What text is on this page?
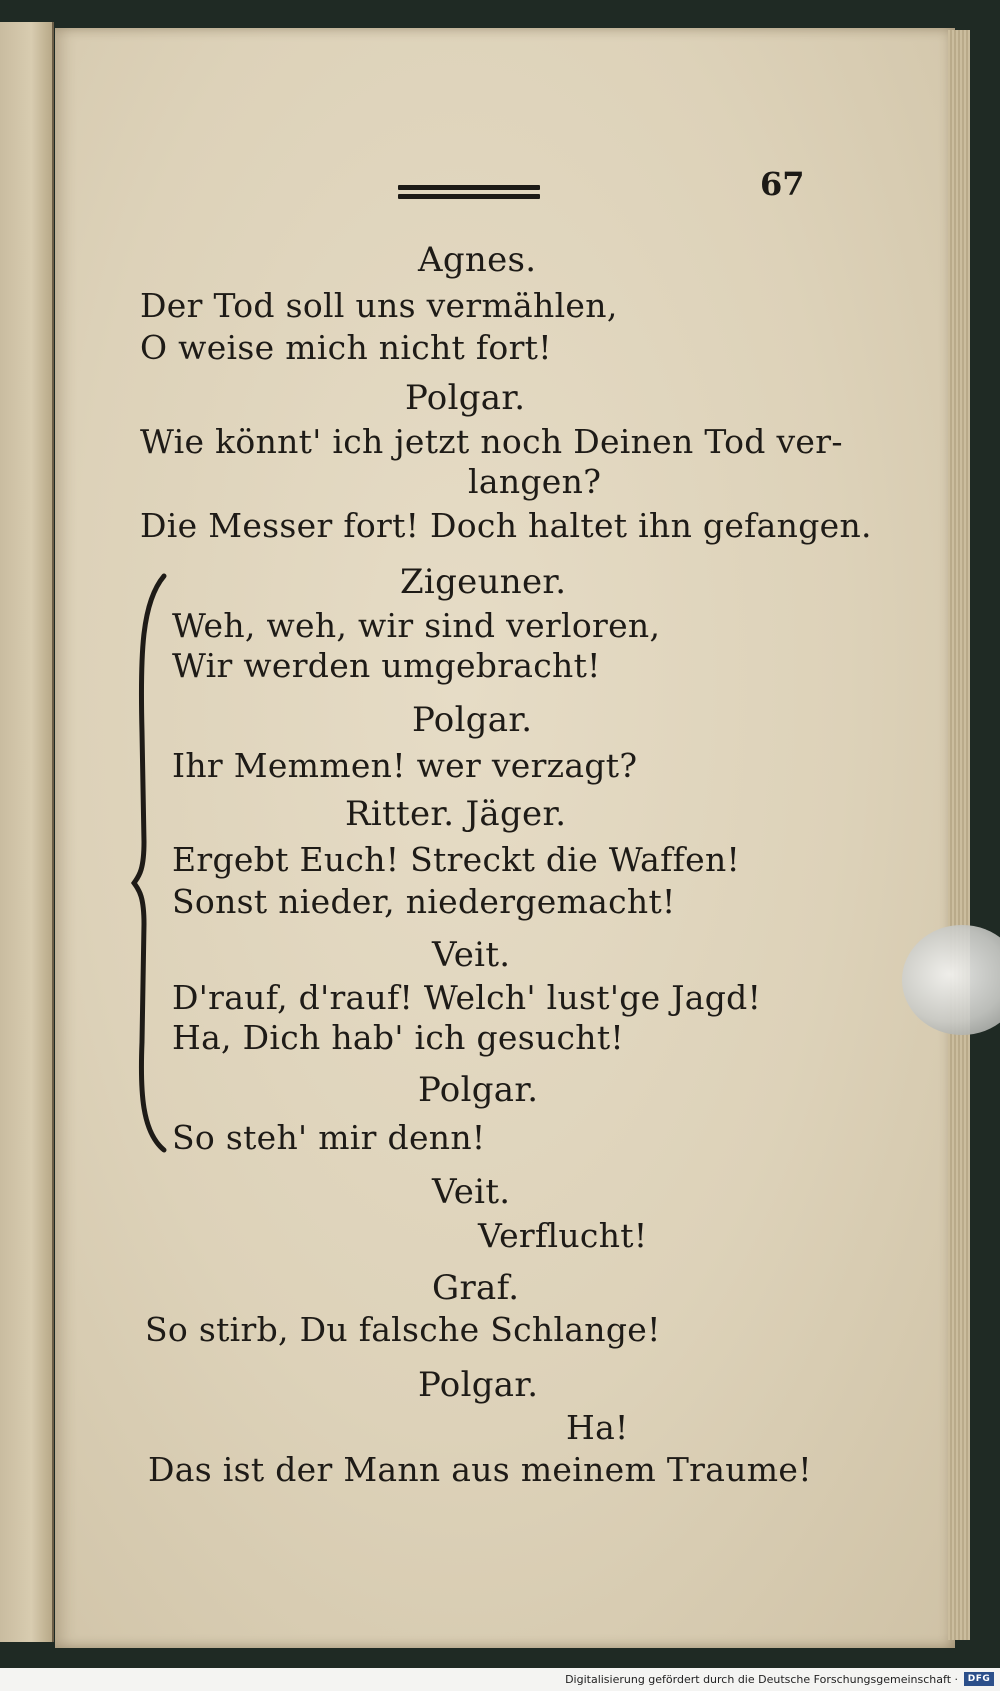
67
Agnes.
Der Tod soll uns vermählen,
O weise mich nicht fort!
Polgar.
Wie könnt' ich jetzt noch Deinen Tod ver-
langen?
Die Messer fort! Doch haltet ihn gefangen.
Zigeuner.
Weh, weh, wir sind verloren,
Wir werden umgebracht!
Polgar.
Ihr Memmen! wer verzagt?
Ritter. Jäger.
Ergebt Euch! Streckt die Waffen!
Sonst nieder, niedergemacht!
Veit.
D'rauf, d'rauf! Welch' lust'ge Jagd!
Ha, Dich hab' ich gesucht!
Polgar.
So steh' mir denn!
Veit.
Verflucht!
Graf.
So stirb, Du falsche Schlange!
Polgar.
Ha!
Das ist der Mann aus meinem Traume!
Digitalisierung gefördert durch die Deutsche Forschungsgemeinschaft ·	DFG
